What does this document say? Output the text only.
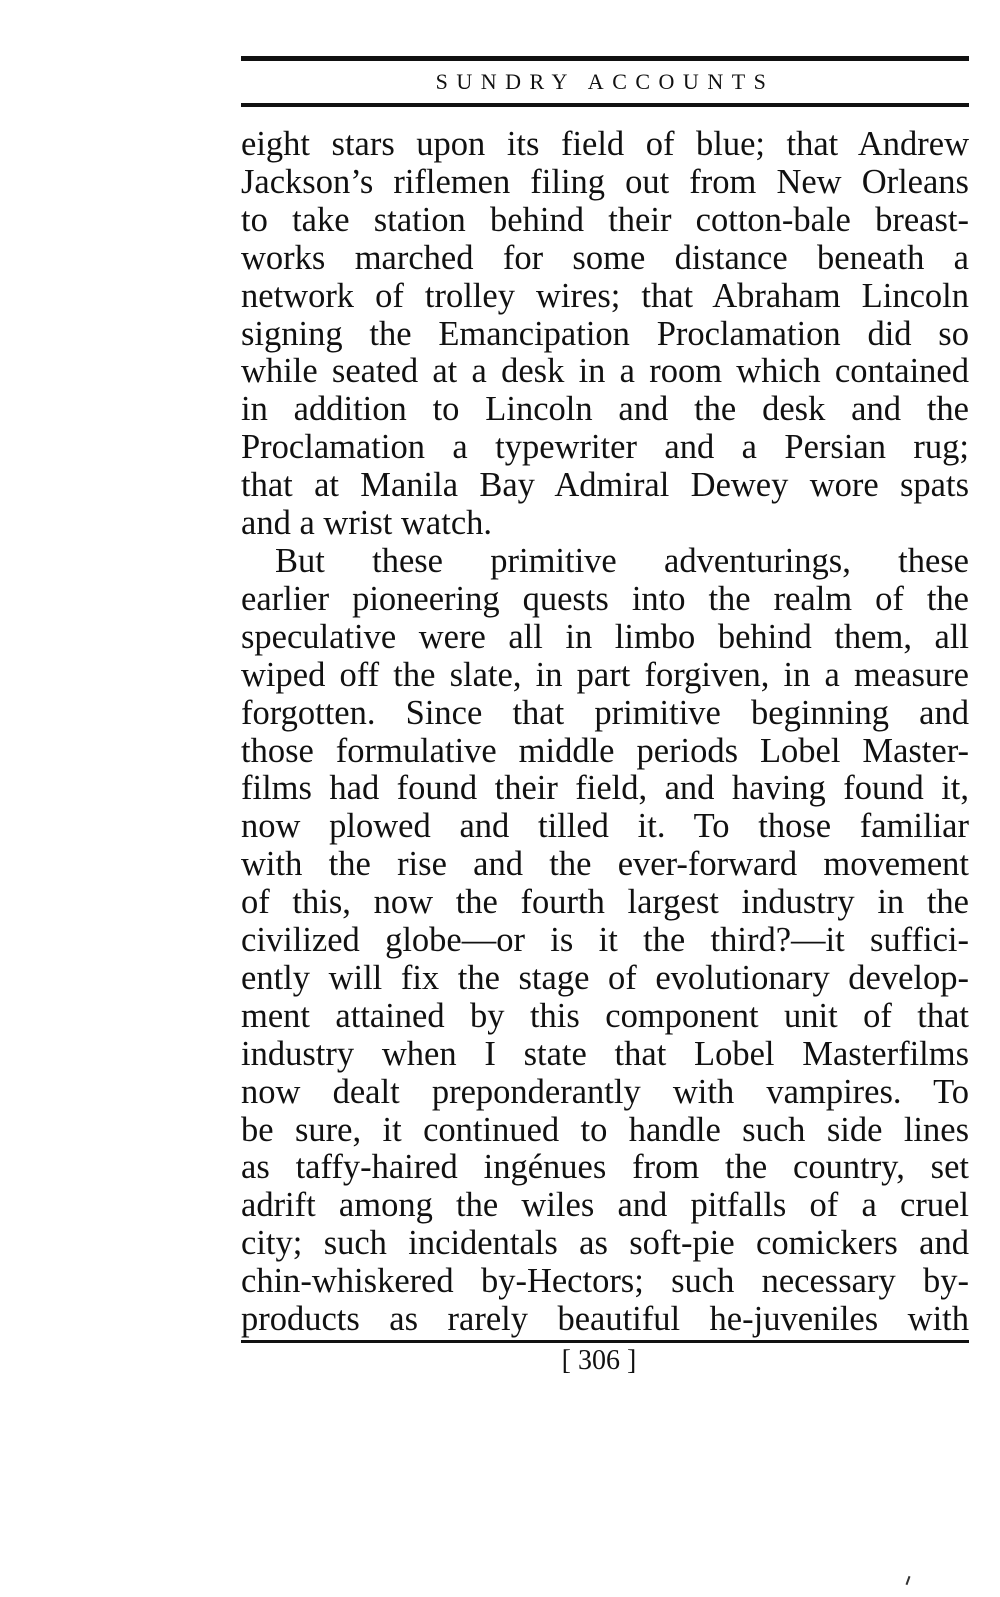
SUNDRY ACCOUNTS
eight stars upon its field of blue; that Andrew
Jackson’s riflemen filing out from New Orleans
to take station behind their cotton-bale breast-
works marched for some distance beneath a
network of trolley wires; that Abraham Lincoln
signing the Emancipation Proclamation did so
while seated at a desk in a room which contained
in addition to Lincoln and the desk and the
Proclamation a typewriter and a Persian rug;
that at Manila Bay Admiral Dewey wore spats
and a wrist watch.
But these primitive adventurings, these
earlier pioneering quests into the realm of the
speculative were all in limbo behind them, all
wiped off the slate, in part forgiven, in a measure
forgotten. Since that primitive beginning and
those formulative middle periods Lobel Master-
films had found their field, and having found it,
now plowed and tilled it. To those familiar
with the rise and the ever-forward movement
of this, now the fourth largest industry in the
civilized globe—or is it the third?—it suffici-
ently will fix the stage of evolutionary develop-
ment attained by this component unit of that
industry when I state that Lobel Masterfilms
now dealt preponderantly with vampires. To
be sure, it continued to handle such side lines
as taffy-haired ingénues from the country, set
adrift among the wiles and pitfalls of a cruel
city; such incidentals as soft-pie comickers and
chin-whiskered by-Hectors; such necessary by-
products as rarely beautiful he-juveniles with
[ 306 ]
